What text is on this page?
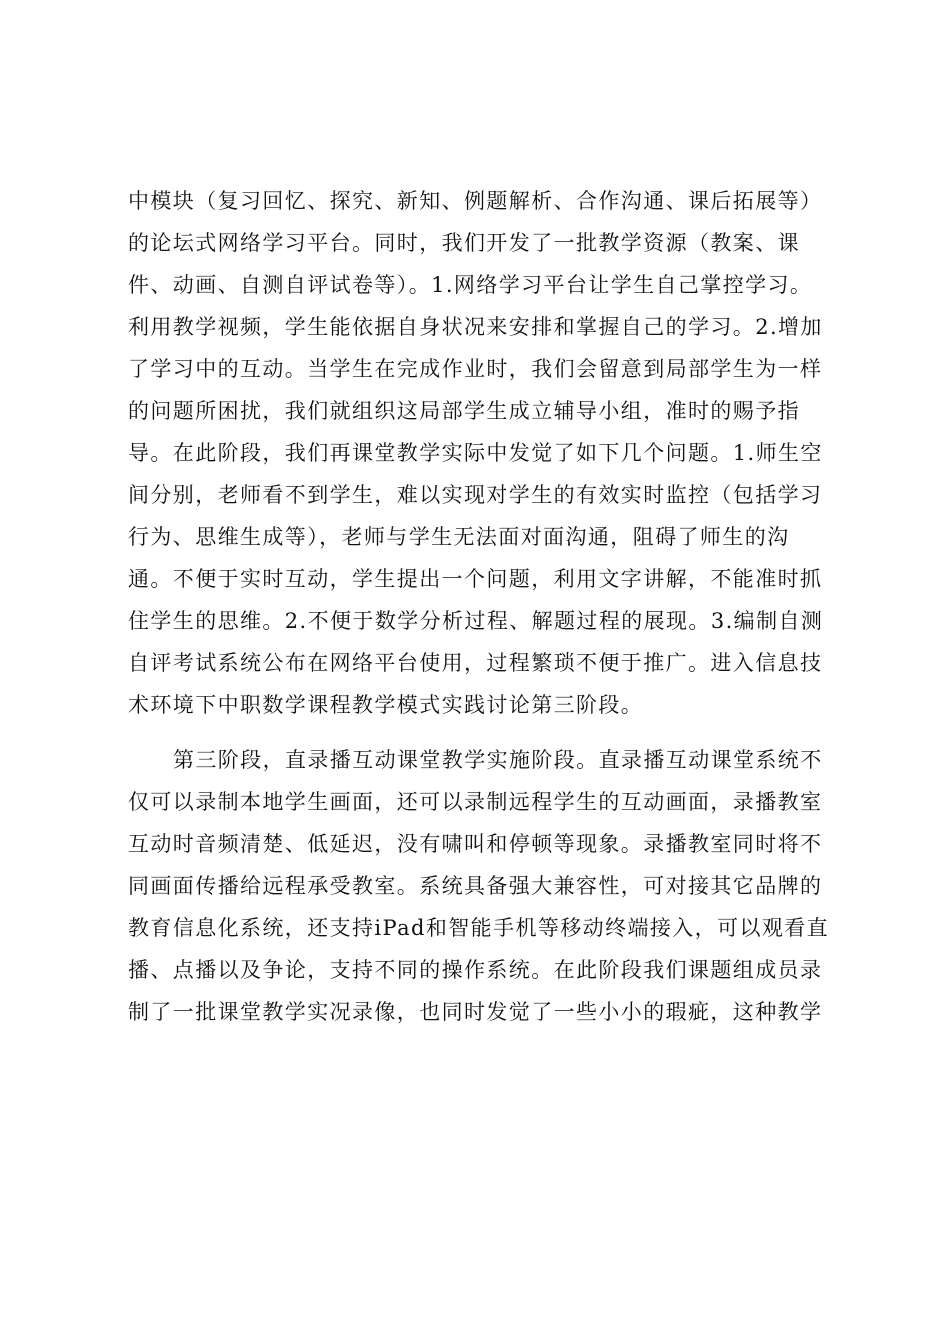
中模块（复习回忆、探究、新知、例题解析、合作沟通、课后拓展等）
的论坛式网络学习平台。同时，我们开发了一批教学资源（教案、课
件、动画、自测自评试卷等）。1.网络学习平台让学生自己掌控学习。
利用教学视频，学生能依据自身状况来安排和掌握自己的学习。2.增加
了学习中的互动。当学生在完成作业时，我们会留意到局部学生为一样
的问题所困扰，我们就组织这局部学生成立辅导小组，准时的赐予指
导。在此阶段，我们再课堂教学实际中发觉了如下几个问题。1.师生空
间分别，老师看不到学生，难以实现对学生的有效实时监控（包括学习
行为、思维生成等），老师与学生无法面对面沟通，阻碍了师生的沟
通。不便于实时互动，学生提出一个问题，利用文字讲解，不能准时抓
住学生的思维。2.不便于数学分析过程、解题过程的展现。3.编制自测
自评考试系统公布在网络平台使用，过程繁琐不便于推广。进入信息技
术环境下中职数学课程教学模式实践讨论第三阶段。
第三阶段，直录播互动课堂教学实施阶段。直录播互动课堂系统不
仅可以录制本地学生画面，还可以录制远程学生的互动画面，录播教室
互动时音频清楚、低延迟，没有啸叫和停顿等现象。录播教室同时将不
同画面传播给远程承受教室。系统具备强大兼容性，可对接其它品牌的
教育信息化系统，还支持iPad和智能手机等移动终端接入，可以观看直
播、点播以及争论，支持不同的操作系统。在此阶段我们课题组成员录
制了一批课堂教学实况录像，也同时发觉了一些小小的瑕疵，这种教学
